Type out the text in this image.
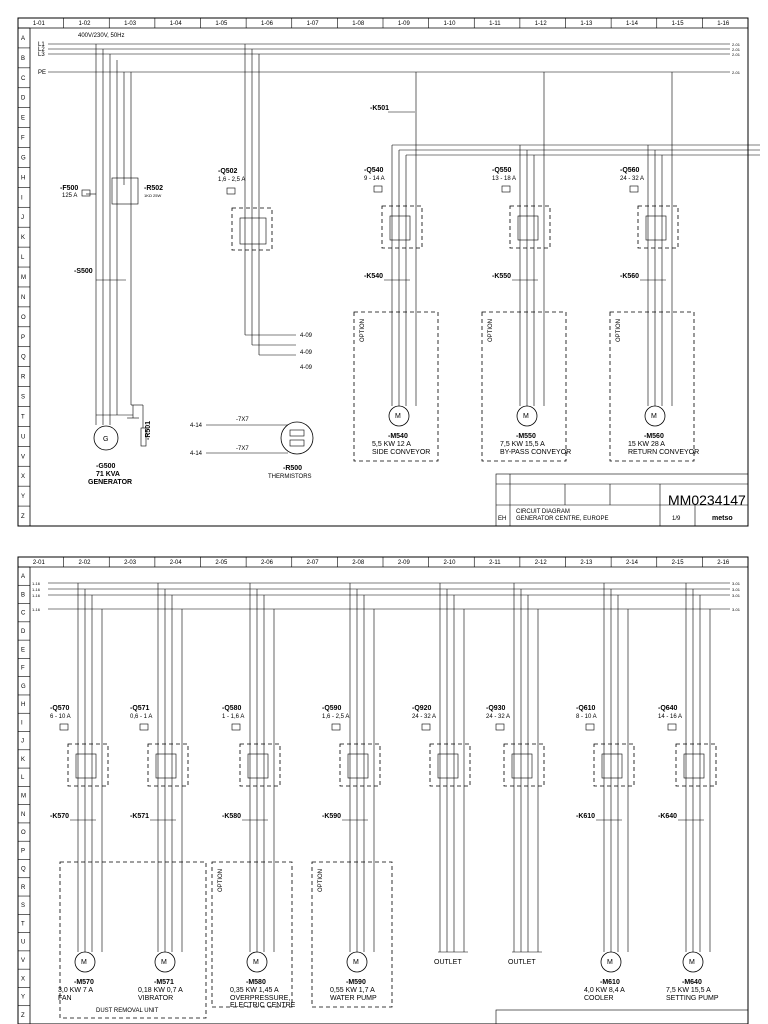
1-01	1-02	1-03	1-04	1-05	1-06	1-07	1-08	1-09	1-10	1-11	1-12	1-13	1-14	1-15	1-16
A
B
C
D
E
F
G
H
I
J
K
L
M
N
O
P
Q
R
S
T
U
V
X
Y
Z
400V/230V, 50Hz
L1	2-01
L2	2-01
L3	2-01
PE	2-01
-F500
125 A
-R502
1KΩ 25W
-S500
-R501
G
-G500
71 KVA
GENERATOR
-Q502
1,6 - 2,5 A
4-09
4-09
4-09
4-14
4-14
-7X7
-7X7
-R500
THERMISTORS
-K501
-Q540
9 - 14 A
-K540
M
-M540
5,5 KW 12 A
SIDE CONVEYOR
OPTION
-Q550
13 - 18 A
-K550
M
-M550
7,5 KW 15,5 A
BY-PASS CONVEYOR
OPTION
-Q560
24 - 32 A
-K560
M
-M560
15 KW 28 A
RETURN CONVEYOR
OPTION
MM0234147
CIRCUIT DIAGRAM
GENERATOR CENTRE, EUROPE
EH	1/9	metso
2-01	2-02	2-03	2-04	2-05	2-06	2-07	2-08	2-09	2-10	2-11	2-12	2-13	2-14	2-15	2-16
A
B
C
D
E
F
G
H
I
J
K
L
M
N
O
P
Q
R
S
T
U
V
X
Y
Z
1-16	3-01
1-16	3-01
1-16	3-01
1-16	3-01
-Q570
6 - 10 A
-K570
M
-M570
3,0 KW 7 A
FAN
-Q571
0,6 - 1 A
-K571
M
-M571
0,18 KW 0,7 A
VIBRATOR
-Q580
1 - 1,6 A
-K580
M
-M580
0,35 KW 1,45 A
OVERPRESSURE,
ELECTRIC CENTRE
OPTION
-Q590
1,6 - 2,5 A
-K590
M
-M590
0,55 KW 1,7 A
WATER PUMP
OPTION
-Q920
24 - 32 A
OUTLET
-Q930
24 - 32 A
OUTLET
-Q610
8 - 10 A
-K610
M
-M610
4,0 KW 8,4 A
COOLER
-Q640
14 - 16 A
-K640
M
-M640
7,5 KW 15,5 A
SETTING PUMP
DUST REMOVAL UNIT
